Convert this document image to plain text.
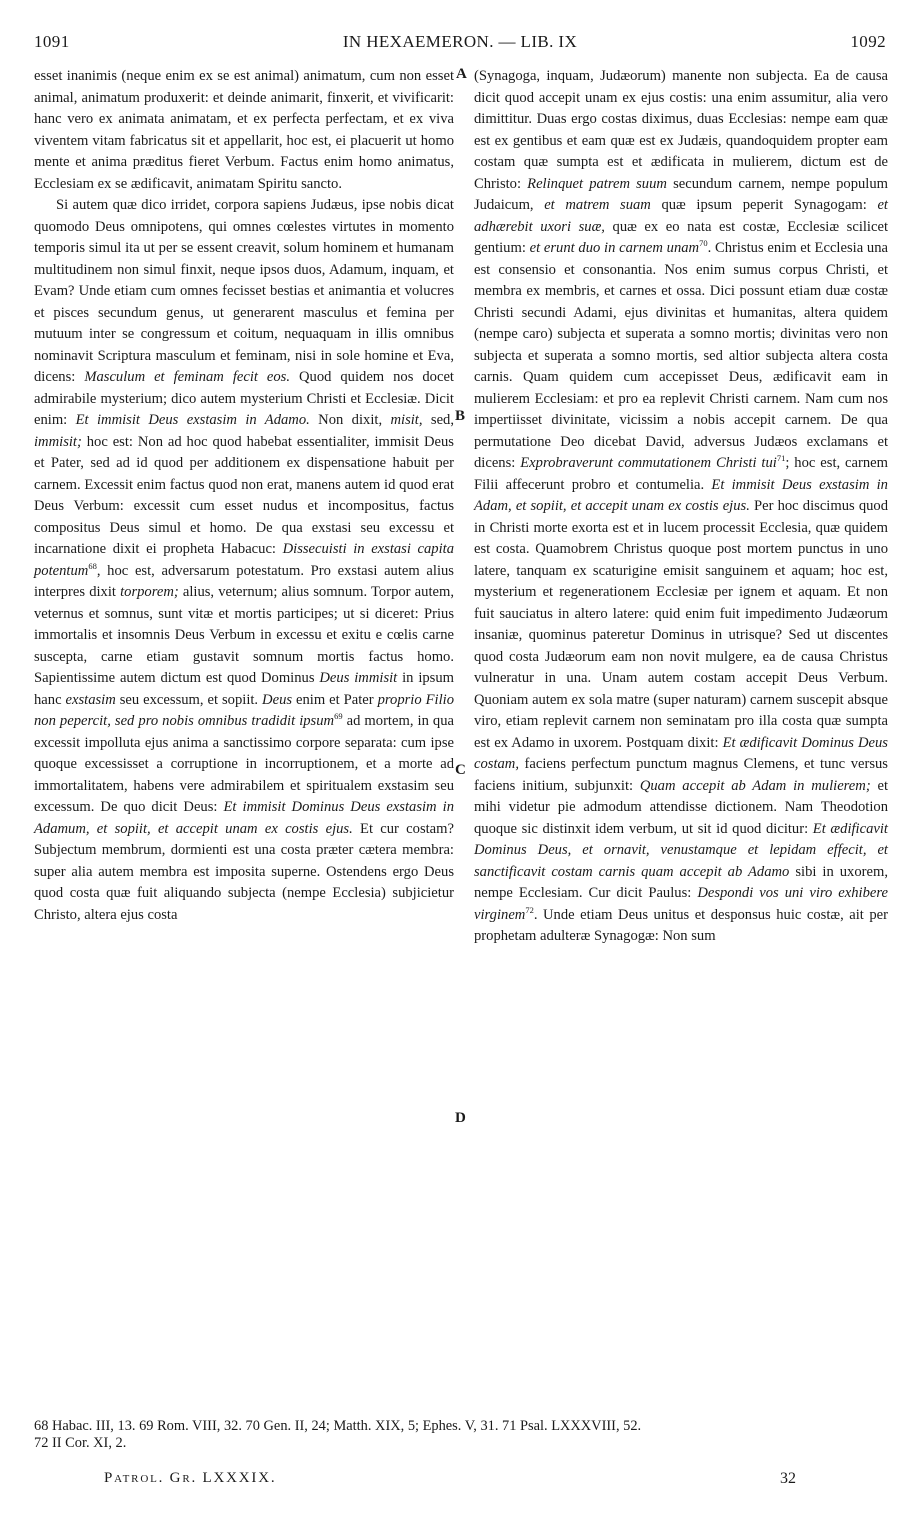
1091	IN HEXAEMERON. — LIB. IX	1092

esset inanimis (neque enim ex se est animal) animatum, cum non esset animal, animatum produxerit: et deinde animarit, finxerit, et vivificarit: hanc vero ex animata animatam, et ex perfecta perfectam, et ex viva viventem vitam fabricatus sit et appellarit, hoc est, ei placuerit ut homo mente et anima præditus fieret Verbum. Factus enim homo animatus, Ecclesiam ex se ædificavit, animatam Spiritu sancto.

Si autem quæ dico irridet, corpora sapiens Judæus, ipse nobis dicat quomodo Deus omnipotens, qui omnes cœlestes virtutes in momento temporis simul ita ut per se essent creavit, solum hominem et humanam multitudinem non simul finxit, neque ipsos duos, Adamum, inquam, et Evam? Unde etiam cum omnes fecisset bestias et animantia et volucres et pisces secundum genus, ut generarent masculus et femina per mutuum inter se congressum et coitum, nequaquam in illis omnibus nominavit Scriptura masculum et feminam, nisi in sole homine et Eva, dicens: Masculum et feminam fecit eos. Quod quidem nos docet admirabile mysterium; dico autem mysterium Christi et Ecclesiæ. Dicit enim: Et immisit Deus exstasim in Adamo. Non dixit, misit, sed, immisit; hoc est: Non ad hoc quod habebat essentialiter, immisit Deus et Pater, sed ad id quod per additionem ex dispensatione habuit per carnem. Excessit enim factus quod non erat, manens autem id quod erat Deus Verbum: excessit cum esset nudus et incompositus, factus compositus Deus simul et homo. De qua exstasi seu excessu et incarnatione dixit ei propheta Habacuc: Dissecuisti in exstasi capita potentum$^{68}$, hoc est, adversarum potestatum. Pro exstasi autem alius interpres dixit torporem; alius, veternum; alius somnum. Torpor autem, veternus et somnus, sunt vitæ et mortis participes; ut si diceret: Prius immortalis et insomnis Deus Verbum in excessu et exitu e cœlis carne suscepta, carne etiam gustavit somnum mortis factus homo. Sapientissime autem dictum est quod Dominus Deus immisit in ipsum hanc exstasim seu excessum, et sopiit. Deus enim et Pater proprio Filio non pepercit, sed pro nobis omnibus tradidit ipsum$^{69}$ ad mortem, in qua excessit impolluta ejus anima a sanctissimo corpore separata: cum ipse quoque excessisset a corruptione in incorruptionem, et a morte ad immortalitatem, habens vere admirabilem et spiritualem exstasim seu excessum. De quo dicit Deus: Et immisit Dominus Deus exstasim in Adamum, et sopiit, et accepit unam ex costis ejus. Et cur costam? Subjectum membrum, dormienti est una costa præter cætera membra: super alia autem membra est imposita superne. Ostendens ergo Deus quod costa quæ fuit aliquando subjecta (nempe Ecclesia) subjicietur Christo, altera ejus costa

(Synagoga, inquam, Judæorum) manente non subjecta. Ea de causa dicit quod accepit unam ex ejus costis: una enim assumitur, alia vero dimittitur. Duas ergo costas diximus, duas Ecclesias: nempe eam quæ est ex gentibus et eam quæ est ex Judæis, quandoquidem propter eam costam quæ sumpta est et ædificata in mulierem, dictum est de Christo: Relinquet patrem suum secundum carnem, nempe populum Judaicum, et matrem suam quæ ipsum peperit Synagogam: et adhærebit uxori suæ, quæ ex eo nata est costæ, Ecclesiæ scilicet gentium: et erunt duo in carnem unam$^{70}$. Christus enim et Ecclesia una est consensio et consonantia. Nos enim sumus corpus Christi, et membra ex membris, et carnes et ossa. Dici possunt etiam duæ costæ Christi secundi Adami, ejus divinitas et humanitas, altera quidem (nempe caro) subjecta et superata a somno mortis; divinitas vero non subjecta et superata a somno mortis, sed altior subjecta altera costa carnis. Quam quidem cum accepisset Deus, ædificavit eam in mulierem Ecclesiam: et pro ea replevit Christi carnem. Nam cum nos impertiisset divinitate, vicissim a nobis accepit carnem. De qua permutatione Deo dicebat David, adversus Judæos exclamans et dicens: Exprobraverunt commutationem Christi tui$^{71}$; hoc est, carnem Filii affecerunt probro et contumelia. Et immisit Deus exstasim in Adam, et sopiit, et accepit unam ex costis ejus. Per hoc discimus quod in Christi morte exorta est et in lucem processit Ecclesia, quæ quidem est costa. Quamobrem Christus quoque post mortem punctus in uno latere, tanquam ex scaturigine emisit sanguinem et aquam; hoc est, mysterium et regenerationem Ecclesiæ per ignem et aquam. Et non fuit sauciatus in altero latere: quid enim fuit impedimento Judæorum insaniæ, quominus pateretur Dominus in utrisque? Sed ut discentes quod costa Judæorum eam non novit mulgere, ea de causa Christus vulneratur in una. Unam autem costam accepit Deus Verbum. Quoniam autem ex sola matre (super naturam) carnem suscepit absque viro, etiam replevit carnem non seminatam pro illa costa quæ sumpta est ex Adamo in uxorem. Postquam dixit: Et ædificavit Dominus Deus costam, faciens perfectum punctum magnus Clemens, et tunc versus faciens initium, subjunxit: Quam accepit ab Adam in mulierem; et mihi videtur pie admodum attendisse dictionem. Nam Theodotion quoque sic distinxit idem verbum, ut sit id quod dicitur: Et ædificavit Dominus Deus, et ornavit, venustamque et lepidam effecit, et sanctificavit costam carnis quam accepit ab Adamo sibi in uxorem, nempe Ecclesiam. Cur dicit Paulus: Despondi vos uni viro exhibere virginem$^{72}$. Unde etiam Deus unitus et desponsus huic costæ, ait per prophetam adulteræ Synagogæ: Non sum

A
B
C
D
68 Habac. III, 13. 69 Rom. VIII, 32. 70 Gen. II, 24; Matth. XIX, 5; Ephes. V, 31. 71 Psal. LXXXVIII, 52.
72 II Cor. XI, 2.
Patrol. Gr. LXXXIX.	32
